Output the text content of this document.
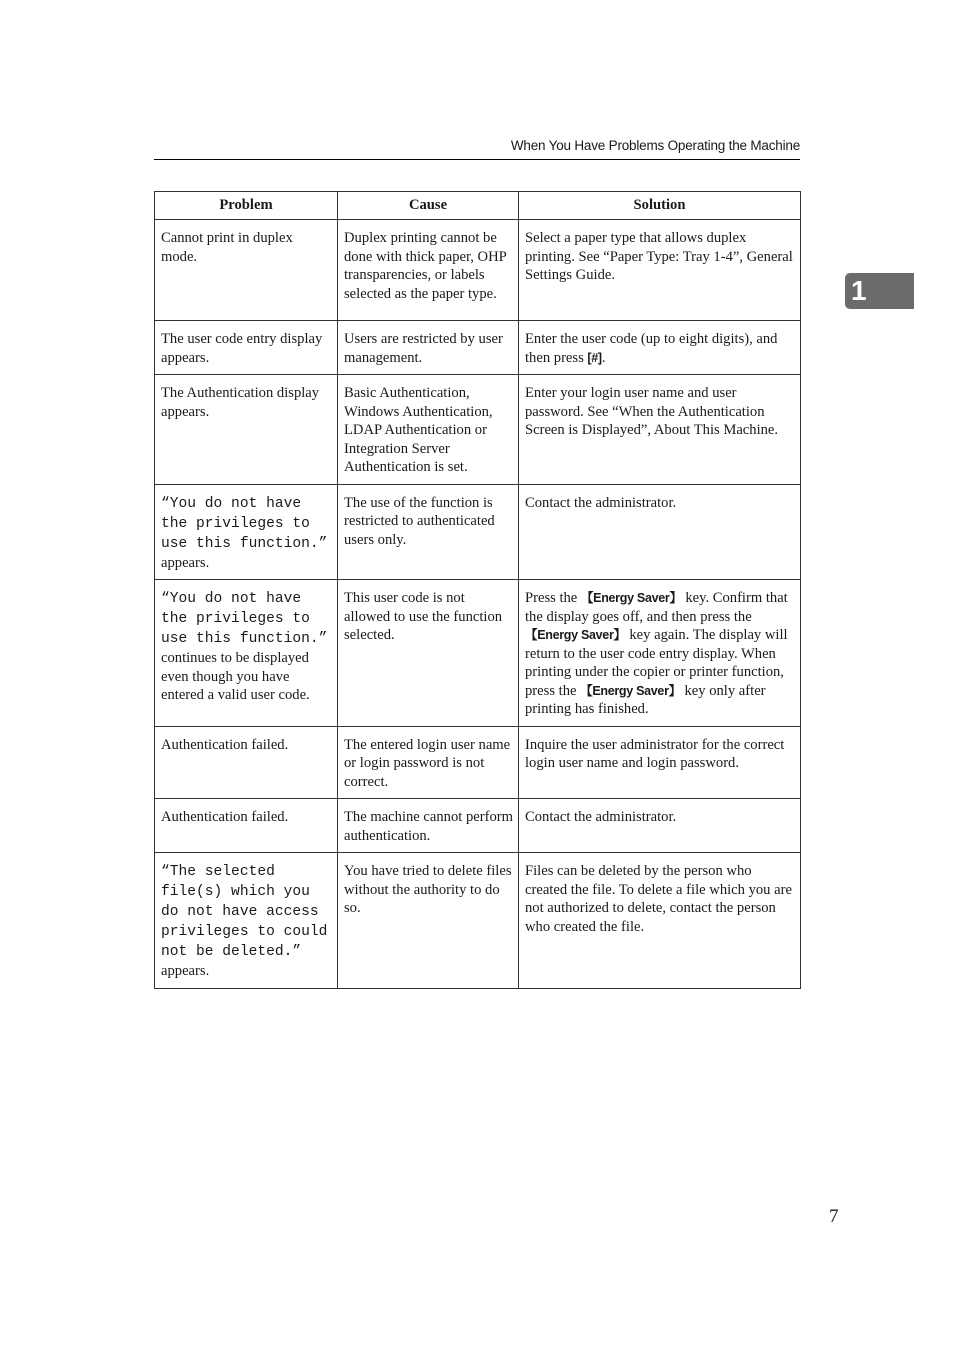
When You Have Problems Operating the Machine
1
Problem	Cause	Solution
Cannot print in duplex mode.	Duplex printing cannot be done with thick paper, OHP transparencies, or labels selected as the paper type.	Select a paper type that allows duplex printing. See “Paper Type: Tray 1-4”, General Settings Guide.
The user code entry display appears.	Users are restricted by user management.	Enter the user code (up to eight digits), and then press [#].
The Authentication display appears.	Basic Authentication, Windows Authentication, LDAP Authentication or Integration Server Authentication is set.	Enter your login user name and user password. See “When the Authentication Screen is Displayed”, About This Machine.
“You do not have the privileges to use this function.” appears.	The use of the function is restricted to authenticated users only.	Contact the administrator.
“You do not have the privileges to use this function.” continues to be displayed even though you have entered a valid user code.	This user code is not allowed to use the function selected.	Press the 【Energy Saver】 key. Confirm that the display goes off, and then press the 【Energy Saver】 key again. The display will return to the user code entry display. When printing under the copier or printer function, press the 【Energy Saver】 key only after printing has finished.
Authentication failed.	The entered login user name or login password is not correct.	Inquire the user administrator for the correct login user name and login password.
Authentication failed.	The machine cannot perform authentication.	Contact the administrator.
“The selected file(s) which you do not have access privileges to could not be deleted.” appears.	You have tried to delete files without the authority to do so.	Files can be deleted by the person who created the file. To delete a file which you are not authorized to delete, contact the person who created the file.
7
